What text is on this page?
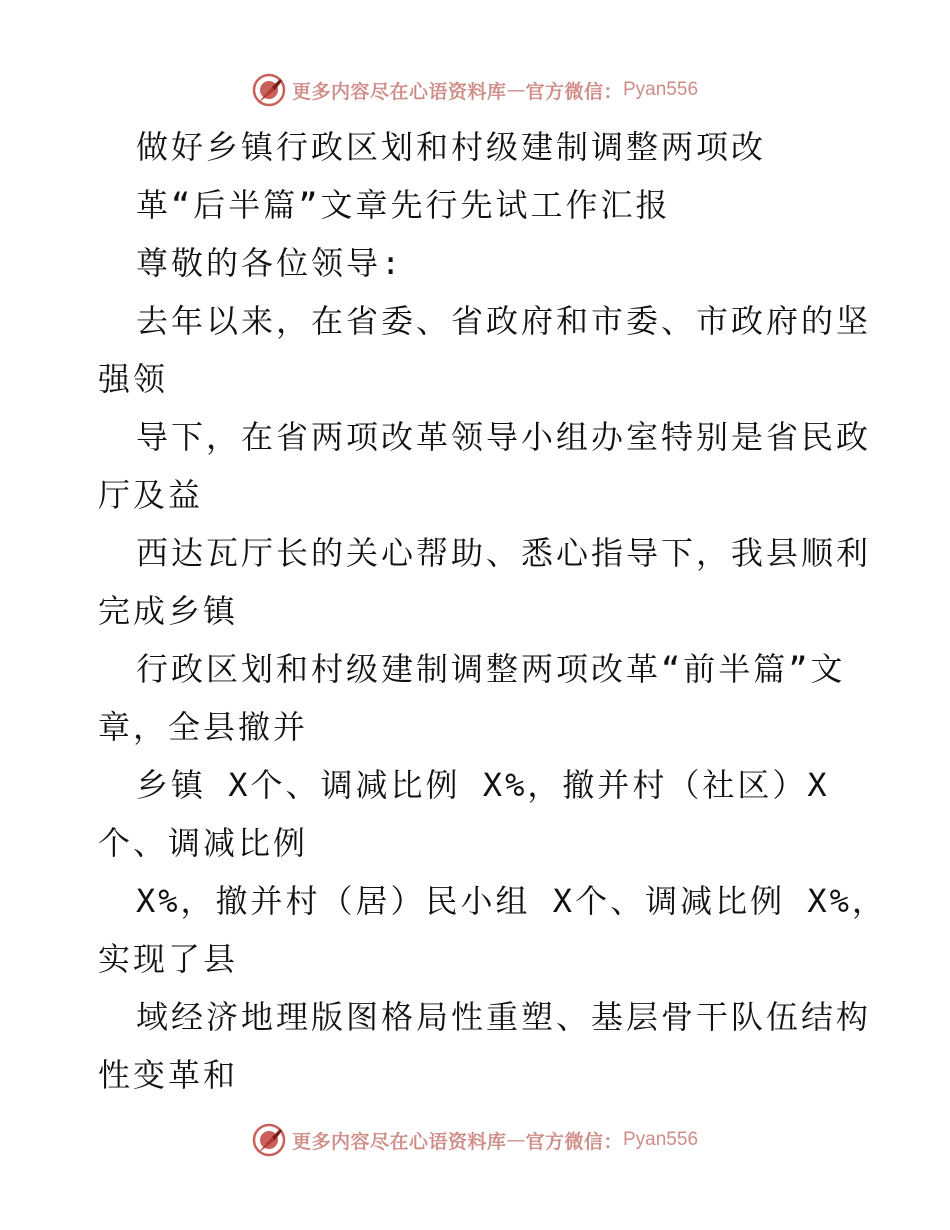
更多内容尽在心语资料库 — 官方微信： Pyan556
做好乡镇行政区划和村级建制调整两项改
革“后半篇”文章先行先试工作汇报
尊敬的各位领导:
去年以来，在省委、省政府和市委、市政府的坚
强领
导下，在省两项改革领导小组办室特别是省民政
厅及益
西达瓦厅长的关心帮助、悉心指导下，我县顺利
完成乡镇
行政区划和村级建制调整两项改革“前半篇”文
章，全县撤并
乡镇 X个、调减比例 X%，撤并村（社区）X
个、调减比例
X%，撤并村（居）民小组 X个、调减比例 X%，
实现了县
域经济地理版图格局性重塑、基层骨干队伍结构
性变革和
更多内容尽在心语资料库 — 官方微信： Pyan556
